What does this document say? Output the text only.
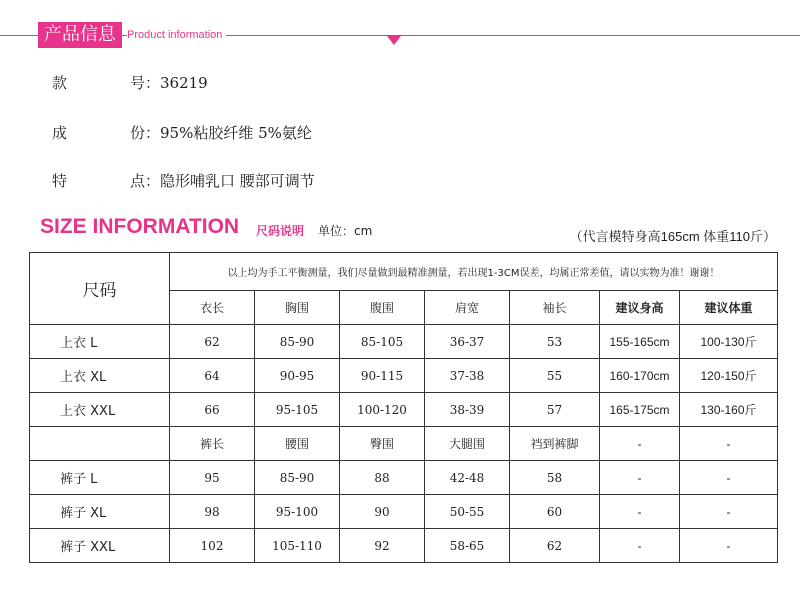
产品信息	Product information
款	号：36219
成	份：95%粘胶纤维 5%氨纶
特	点：隐形哺乳口 腰部可调节
SIZE INFORMATION 尺码说明 单位：cm	（代言模特身高165cm 体重110斤）
尺码	以上均为手工平衡测量，我们尽量做到最精准测量，若出现1-3CM误差，均属正常差值，请以实物为准！谢谢！						
	衣长	胸围	腹围	肩宽	袖长	建议身高	建议体重
上衣 L	62	85-90	85-105	36-37	53	155-165cm	100-130斤
上衣 XL	64	90-95	90-115	37-38	55	160-170cm	120-150斤
上衣 XXL	66	95-105	100-120	38-39	57	165-175cm	130-160斤
	裤长	腰围	臀围	大腿围	裆到裤脚	-	-
裤子 L	95	85-90	88	42-48	58	-	-
裤子 XL	98	95-100	90	50-55	60	-	-
裤子 XXL	102	105-110	92	58-65	62	-	-
